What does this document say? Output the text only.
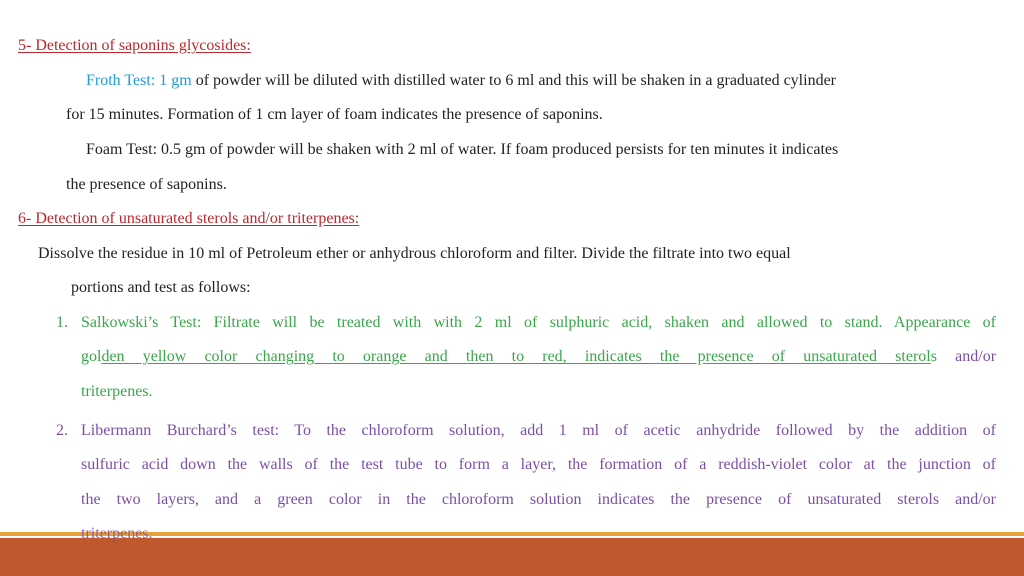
5- Detection of saponins glycosides:
Froth Test: 1 gm of powder will be diluted with distilled water to 6 ml and this will be shaken in a graduated cylinder
for 15 minutes. Formation of 1 cm layer of foam indicates the presence of saponins.
Foam Test: 0.5 gm of powder will be shaken with 2 ml of water. If foam produced persists for ten minutes it indicates
the presence of saponins.
6- Detection of unsaturated sterols and/or triterpenes:
Dissolve the residue in 10 ml of Petroleum ether or anhydrous chloroform and filter. Divide the filtrate into two equal
portions and test as follows:
1. Salkowski’s Test: Filtrate will be treated with with 2 ml of sulphuric acid, shaken and allowed to stand. Appearance of
golden yellow color changing to orange and then to red, indicates the presence of unsaturated sterols and/or
triterpenes.
2. Libermann Burchard’s test: To the chloroform solution, add 1 ml of acetic anhydride followed by the addition of
sulfuric acid down the walls of the test tube to form a layer, the formation of a reddish-violet color at the junction of
the two layers, and a green color in the chloroform solution indicates the presence of unsaturated sterols and/or
triterpenes.
